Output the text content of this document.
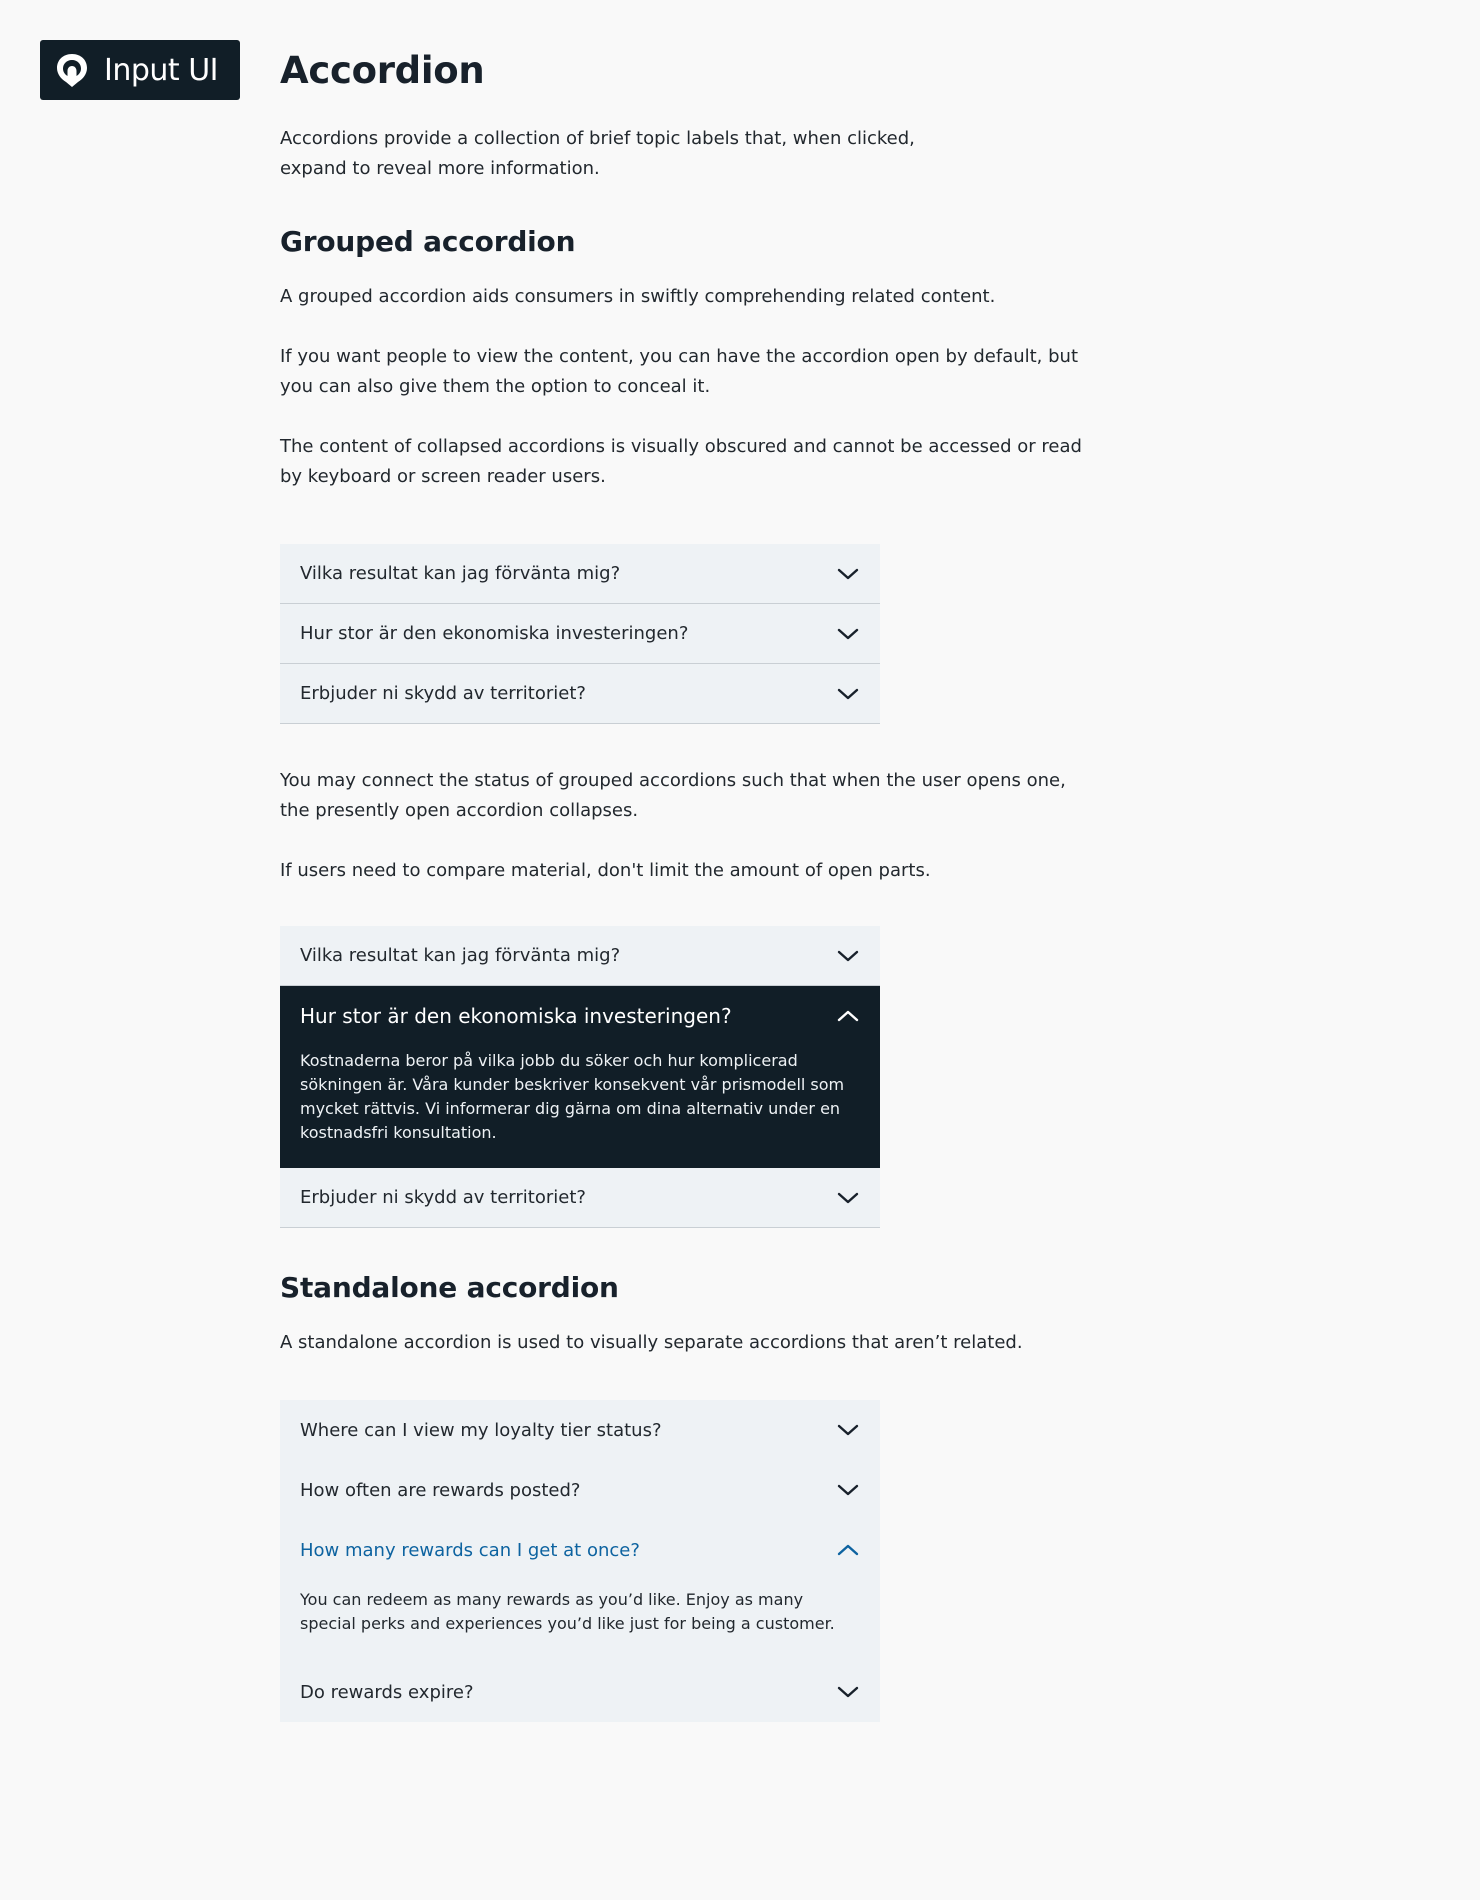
Input UI Accordion

Accordions provide a collection of brief topic labels that, when clicked, expand to reveal more information.

Grouped accordion

A grouped accordion aids consumers in swiftly comprehending related content.

If you want people to view the content, you can have the accordion open by default, but you can also give them the option to conceal it.

The content of collapsed accordions is visually obscured and cannot be accessed or read by keyboard or screen reader users.

Vilka resultat kan jag förvänta mig?
Hur stor är den ekonomiska investeringen?
Erbjuder ni skydd av territoriet?

You may connect the status of grouped accordions such that when the user opens one, the presently open accordion collapses.

If users need to compare material, don't limit the amount of open parts.

Vilka resultat kan jag förvänta mig?
Hur stor är den ekonomiska investeringen?
Kostnaderna beror på vilka jobb du söker och hur komplicerad sökningen är. Våra kunder beskriver konsekvent vår prismodell som mycket rättvis. Vi informerar dig gärna om dina alternativ under en kostnadsfri konsultation.
Erbjuder ni skydd av territoriet?
Standalone accordion

A standalone accordion is used to visually separate accordions that aren’t related.

Where can I view my loyalty tier status?
How often are rewards posted?
How many rewards can I get at once?
You can redeem as many rewards as you’d like. Enjoy as many special perks and experiences you’d like just for being a customer.
Do rewards expire?
